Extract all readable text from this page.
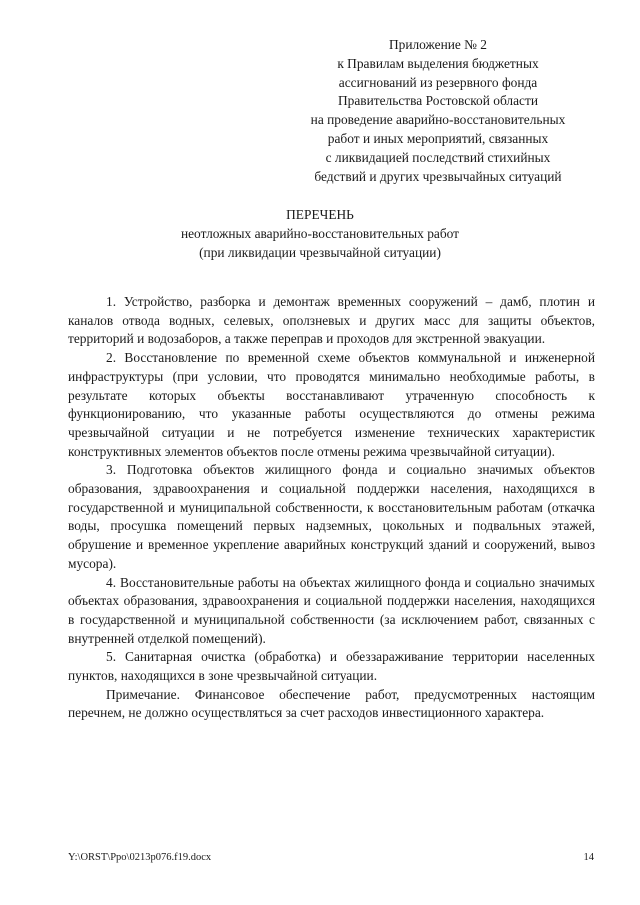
Приложение № 2
к Правилам выделения бюджетных
ассигнований из резервного фонда
Правительства Ростовской области
на проведение аварийно-восстановительных
работ и иных мероприятий, связанных
с ликвидацией последствий стихийных
бедствий и других чрезвычайных ситуаций
ПЕРЕЧЕНЬ
неотложных аварийно-восстановительных работ
(при ликвидации чрезвычайной ситуации)

1. Устройство, разборка и демонтаж временных сооружений – дамб, плотин и каналов отвода водных, селевых, оползневых и других масс для защиты объектов, территорий и водозаборов, а также переправ и проходов для экстренной эвакуации.

2. Восстановление по временной схеме объектов коммунальной и инженерной инфраструктуры (при условии, что проводятся минимально необходимые работы, в результате которых объекты восстанавливают утраченную способность к функционированию, что указанные работы осуществляются до отмены режима чрезвычайной ситуации и не потребуется изменение технических характеристик конструктивных элементов объектов после отмены режима чрезвычайной ситуации).

3. Подготовка объектов жилищного фонда и социально значимых объектов образования, здравоохранения и социальной поддержки населения, находящихся в государственной и муниципальной собственности, к восстановительным работам (откачка воды, просушка помещений первых надземных, цокольных и подвальных этажей, обрушение и временное укрепление аварийных конструкций зданий и сооружений, вывоз мусора).

4. Восстановительные работы на объектах жилищного фонда и социально значимых объектах образования, здравоохранения и социальной поддержки населения, находящихся в государственной и муниципальной собственности (за исключением работ, связанных с внутренней отделкой помещений).

5. Санитарная очистка (обработка) и обеззараживание территории населенных пунктов, находящихся в зоне чрезвычайной ситуации.

Примечание. Финансовое обеспечение работ, предусмотренных настоящим перечнем, не должно осуществляться за счет расходов инвестиционного характера.

Y:\ORST\Ppo\0213p076.f19.docx	14
